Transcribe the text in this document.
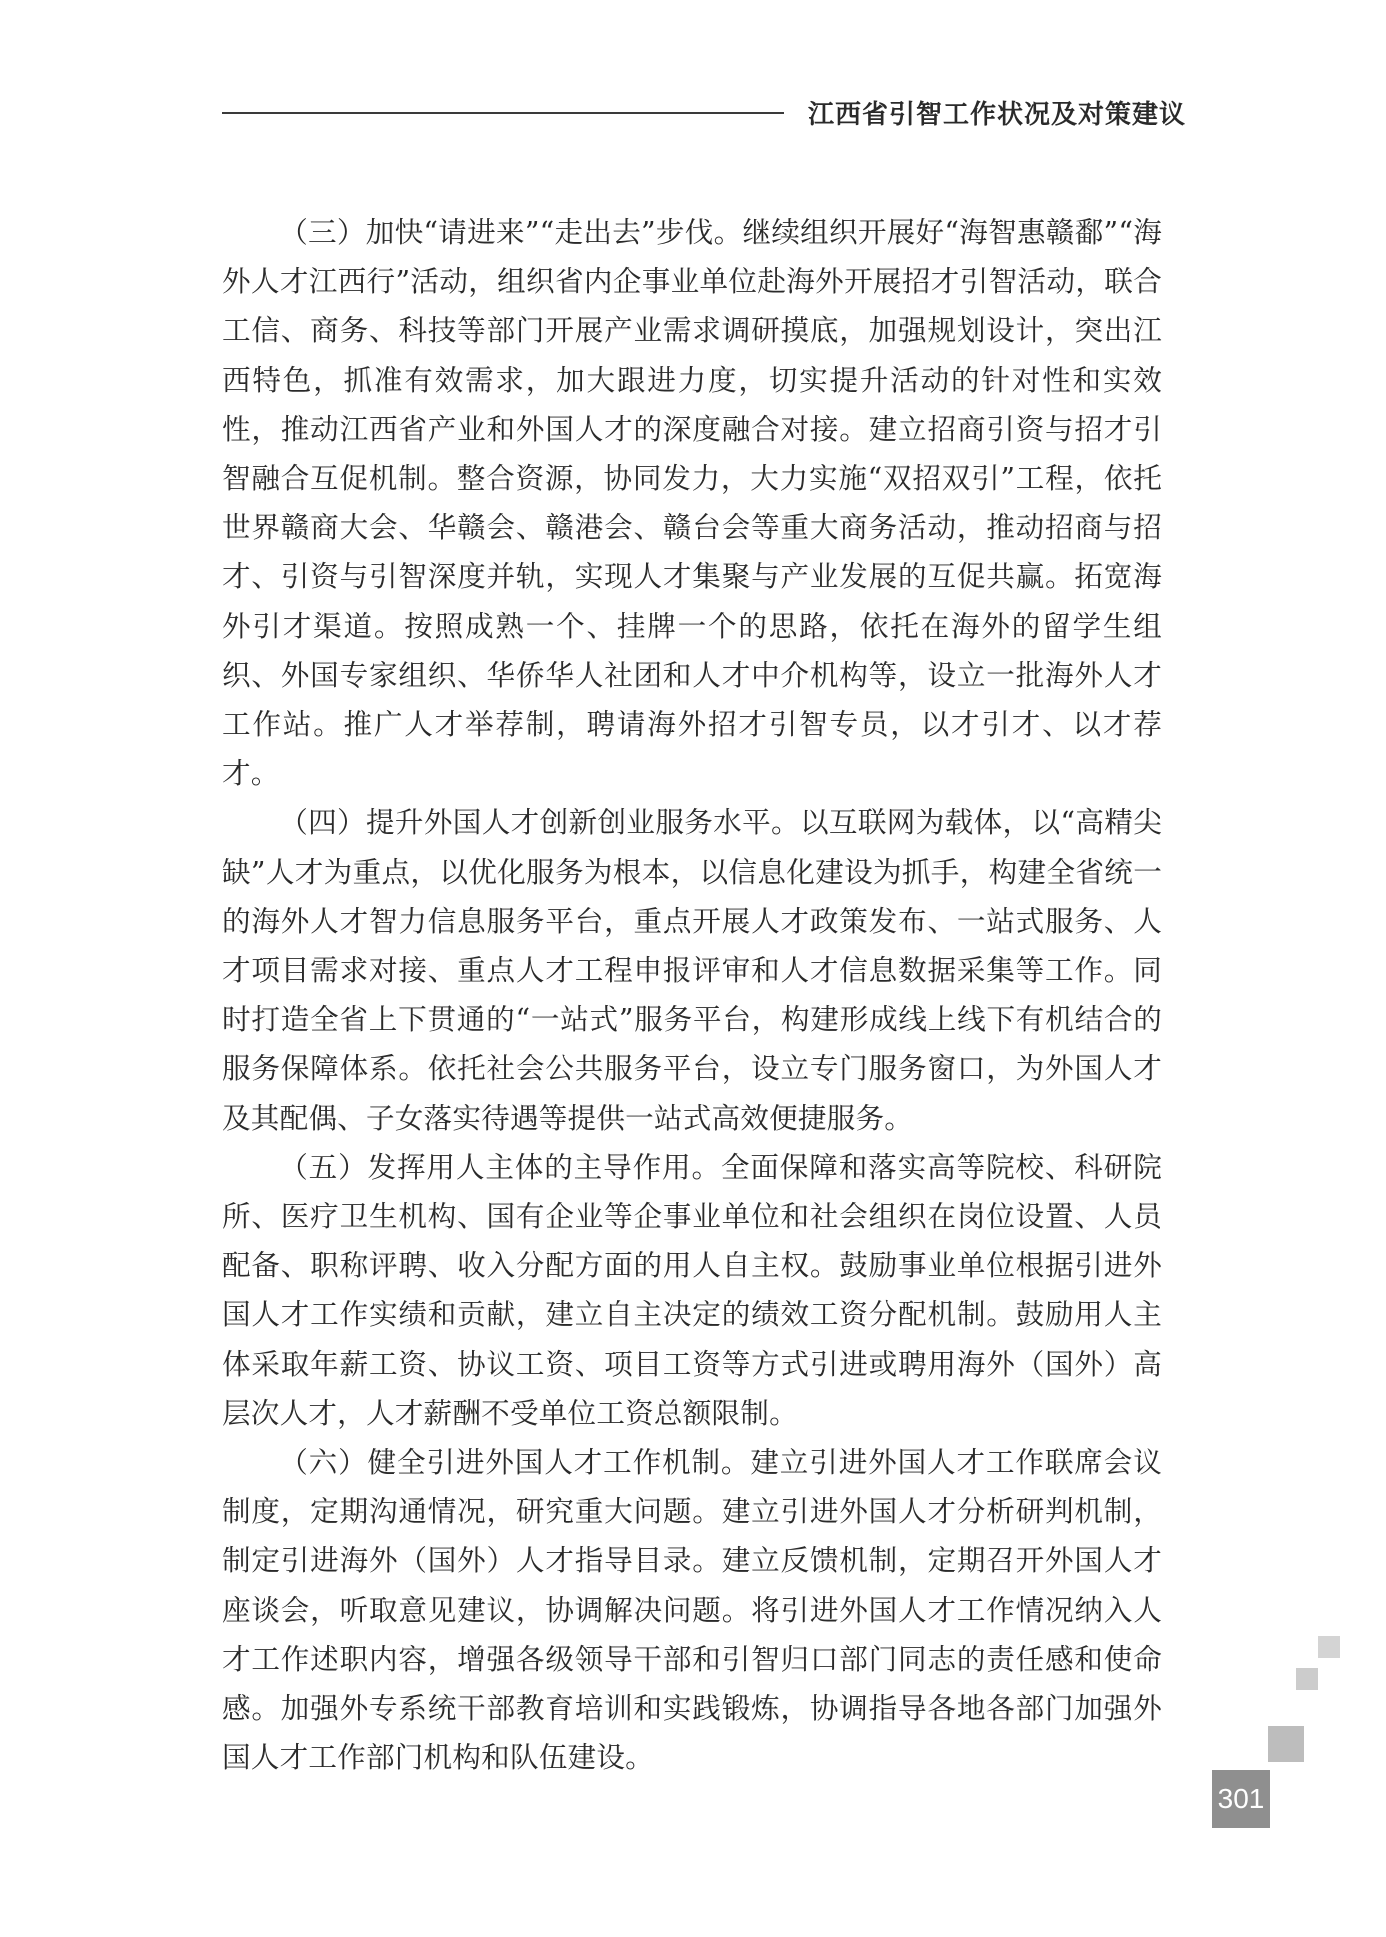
江西省引智工作状况及对策建议

（三）加快“请进来”“走出去”步伐。继续组织开展好“海智惠赣鄱”“海外人才江西行”活动，组织省内企事业单位赴海外开展招才引智活动，联合工信、商务、科技等部门开展产业需求调研摸底，加强规划设计，突出江西特色，抓准有效需求，加大跟进力度，切实提升活动的针对性和实效性，推动江西省产业和外国人才的深度融合对接。建立招商引资与招才引智融合互促机制。整合资源，协同发力，大力实施“双招双引”工程，依托世界赣商大会、华赣会、赣港会、赣台会等重大商务活动，推动招商与招才、引资与引智深度并轨，实现人才集聚与产业发展的互促共赢。拓宽海外引才渠道。按照成熟一个、挂牌一个的思路，依托在海外的留学生组织、外国专家组织、华侨华人社团和人才中介机构等，设立一批海外人才工作站。推广人才举荐制，聘请海外招才引智专员，以才引才、以才荐才。

（四）提升外国人才创新创业服务水平。以互联网为载体，以“高精尖缺”人才为重点，以优化服务为根本，以信息化建设为抓手，构建全省统一的海外人才智力信息服务平台，重点开展人才政策发布、一站式服务、人才项目需求对接、重点人才工程申报评审和人才信息数据采集等工作。同时打造全省上下贯通的“一站式”服务平台，构建形成线上线下有机结合的服务保障体系。依托社会公共服务平台，设立专门服务窗口，为外国人才及其配偶、子女落实待遇等提供一站式高效便捷服务。

（五）发挥用人主体的主导作用。全面保障和落实高等院校、科研院所、医疗卫生机构、国有企业等企事业单位和社会组织在岗位设置、人员配备、职称评聘、收入分配方面的用人自主权。鼓励事业单位根据引进外国人才工作实绩和贡献，建立自主决定的绩效工资分配机制。鼓励用人主体采取年薪工资、协议工资、项目工资等方式引进或聘用海外（国外）高层次人才，人才薪酬不受单位工资总额限制。

（六）健全引进外国人才工作机制。建立引进外国人才工作联席会议制度，定期沟通情况，研究重大问题。建立引进外国人才分析研判机制，制定引进海外（国外）人才指导目录。建立反馈机制，定期召开外国人才座谈会，听取意见建议，协调解决问题。将引进外国人才工作情况纳入人才工作述职内容，增强各级领导干部和引智归口部门同志的责任感和使命感。加强外专系统干部教育培训和实践锻炼，协调指导各地各部门加强外国人才工作部门机构和队伍建设。

301
